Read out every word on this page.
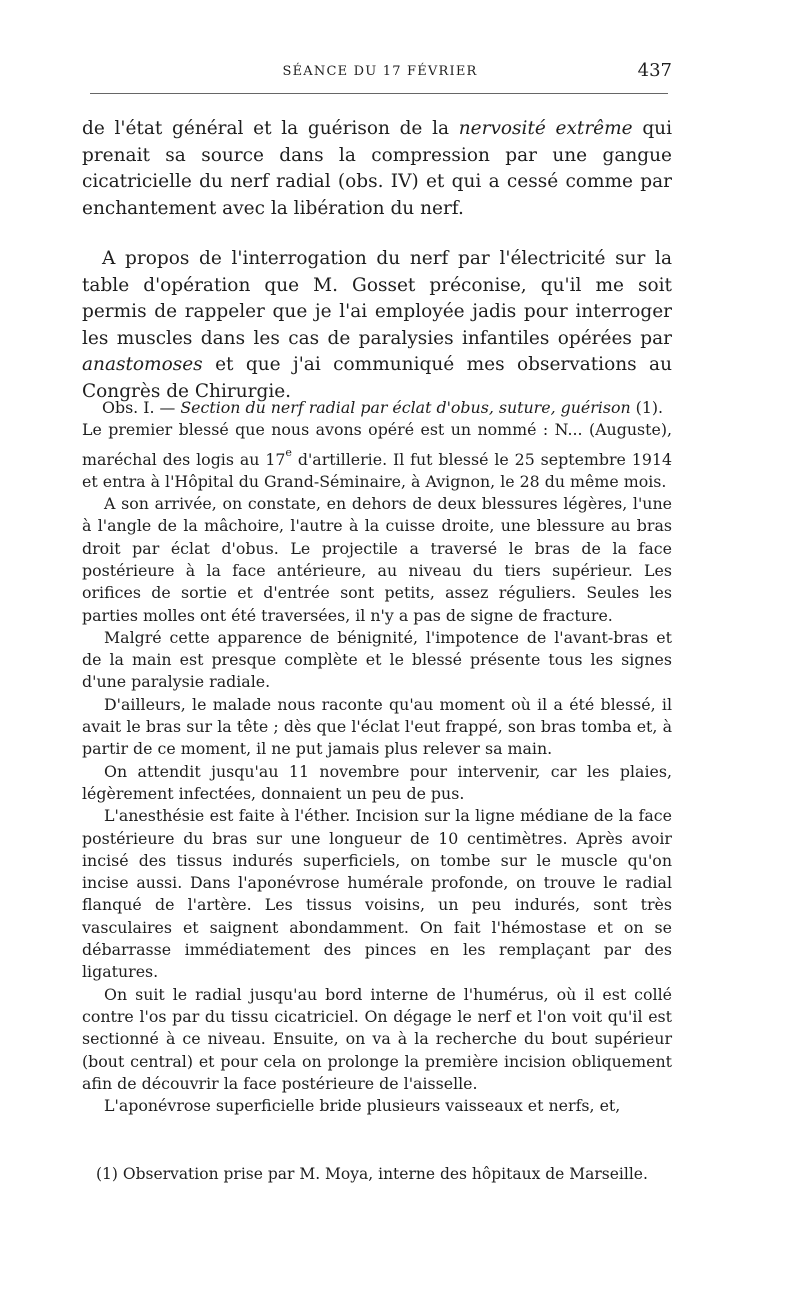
SÉANCE DU 17 FÉVRIER	437

de l'état général et la guérison de la nervosité extrême qui prenait sa source dans la compression par une gangue cicatricielle du nerf radial (obs. IV) et qui a cessé comme par enchantement avec la libération du nerf.

A propos de l'interrogation du nerf par l'électricité sur la table d'opération que M. Gosset préconise, qu'il me soit permis de rappeler que je l'ai employée jadis pour interroger les muscles dans les cas de paralysies infantiles opérées par anastomoses et que j'ai communiqué mes observations au Congrès de Chirurgie.

Obs. I. — Section du nerf radial par éclat d'obus, suture, guérison (1).
Le premier blessé que nous avons opéré est un nommé : N... (Auguste), maréchal des logis au 17e d'artillerie. Il fut blessé le 25 septembre 1914 et entra à l'Hôpital du Grand-Séminaire, à Avignon, le 28 du même mois.

A son arrivée, on constate, en dehors de deux blessures légères, l'une à l'angle de la mâchoire, l'autre à la cuisse droite, une blessure au bras droit par éclat d'obus. Le projectile a traversé le bras de la face postérieure à la face antérieure, au niveau du tiers supérieur. Les orifices de sortie et d'entrée sont petits, assez réguliers. Seules les parties molles ont été traversées, il n'y a pas de signe de fracture.

Malgré cette apparence de bénignité, l'impotence de l'avant-bras et de la main est presque complète et le blessé présente tous les signes d'une paralysie radiale.

D'ailleurs, le malade nous raconte qu'au moment où il a été blessé, il avait le bras sur la tête ; dès que l'éclat l'eut frappé, son bras tomba et, à partir de ce moment, il ne put jamais plus relever sa main.

On attendit jusqu'au 11 novembre pour intervenir, car les plaies, légèrement infectées, donnaient un peu de pus.

L'anesthésie est faite à l'éther. Incision sur la ligne médiane de la face postérieure du bras sur une longueur de 10 centimètres. Après avoir incisé des tissus indurés superficiels, on tombe sur le muscle qu'on incise aussi. Dans l'aponévrose humérale profonde, on trouve le radial flanqué de l'artère. Les tissus voisins, un peu indurés, sont très vasculaires et saignent abondamment. On fait l'hémostase et on se débarrasse immédiatement des pinces en les remplaçant par des ligatures.

On suit le radial jusqu'au bord interne de l'humérus, où il est collé contre l'os par du tissu cicatriciel. On dégage le nerf et l'on voit qu'il est sectionné à ce niveau. Ensuite, on va à la recherche du bout supérieur (bout central) et pour cela on prolonge la première incision obliquement afin de découvrir la face postérieure de l'aisselle.

L'aponévrose superficielle bride plusieurs vaisseaux et nerfs, et,

(1) Observation prise par M. Moya, interne des hôpitaux de Marseille.
